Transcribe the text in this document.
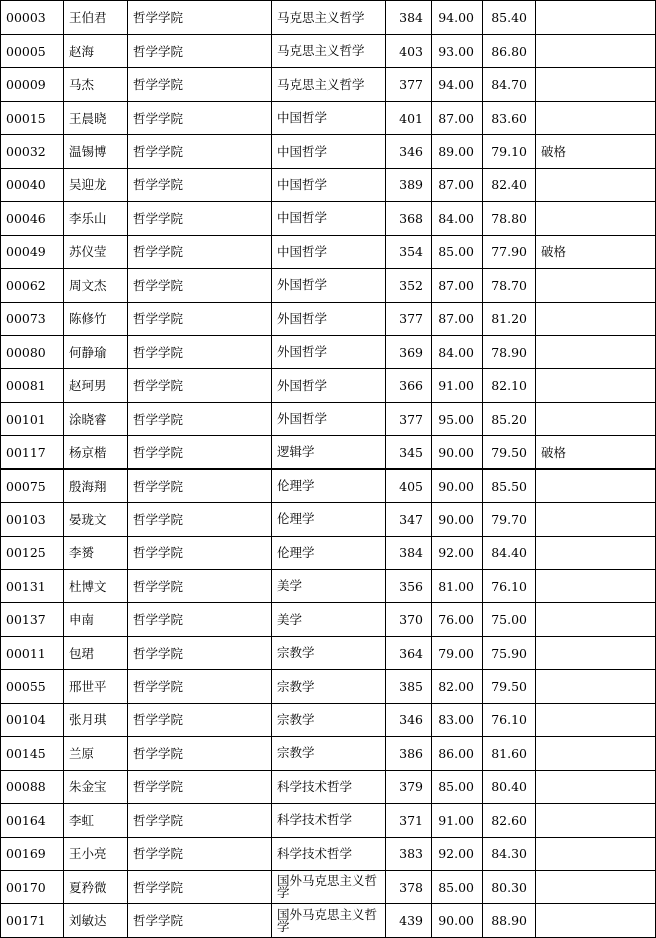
00003	王伯君	哲学学院	马克思主义哲学	384	94.00	85.40	
00005	赵海	哲学学院	马克思主义哲学	403	93.00	86.80	
00009	马杰	哲学学院	马克思主义哲学	377	94.00	84.70	
00015	王晨晓	哲学学院	中国哲学	401	87.00	83.60	
00032	温锡博	哲学学院	中国哲学	346	89.00	79.10	破格
00040	吴迎龙	哲学学院	中国哲学	389	87.00	82.40	
00046	李乐山	哲学学院	中国哲学	368	84.00	78.80	
00049	苏仪莹	哲学学院	中国哲学	354	85.00	77.90	破格
00062	周文杰	哲学学院	外国哲学	352	87.00	78.70	
00073	陈修竹	哲学学院	外国哲学	377	87.00	81.20	
00080	何静瑜	哲学学院	外国哲学	369	84.00	78.90	
00081	赵珂男	哲学学院	外国哲学	366	91.00	82.10	
00101	涂晓睿	哲学学院	外国哲学	377	95.00	85.20	
00117	杨京楷	哲学学院	逻辑学	345	90.00	79.50	破格
00075	殷海翔	哲学学院	伦理学	405	90.00	85.50	
00103	晏珑文	哲学学院	伦理学	347	90.00	79.70	
00125	李赟	哲学学院	伦理学	384	92.00	84.40	
00131	杜博文	哲学学院	美学	356	81.00	76.10	
00137	申南	哲学学院	美学	370	76.00	75.00	
00011	包珺	哲学学院	宗教学	364	79.00	75.90	
00055	邢世平	哲学学院	宗教学	385	82.00	79.50	
00104	张月琪	哲学学院	宗教学	346	83.00	76.10	
00145	兰原	哲学学院	宗教学	386	86.00	81.60	
00088	朱金宝	哲学学院	科学技术哲学	379	85.00	80.40	
00164	李虹	哲学学院	科学技术哲学	371	91.00	82.60	
00169	王小亮	哲学学院	科学技术哲学	383	92.00	84.30	
00170	夏矜微	哲学学院	国外马克思主义哲学	378	85.00	80.30	
00171	刘敏达	哲学学院	国外马克思主义哲学	439	90.00	88.90	
